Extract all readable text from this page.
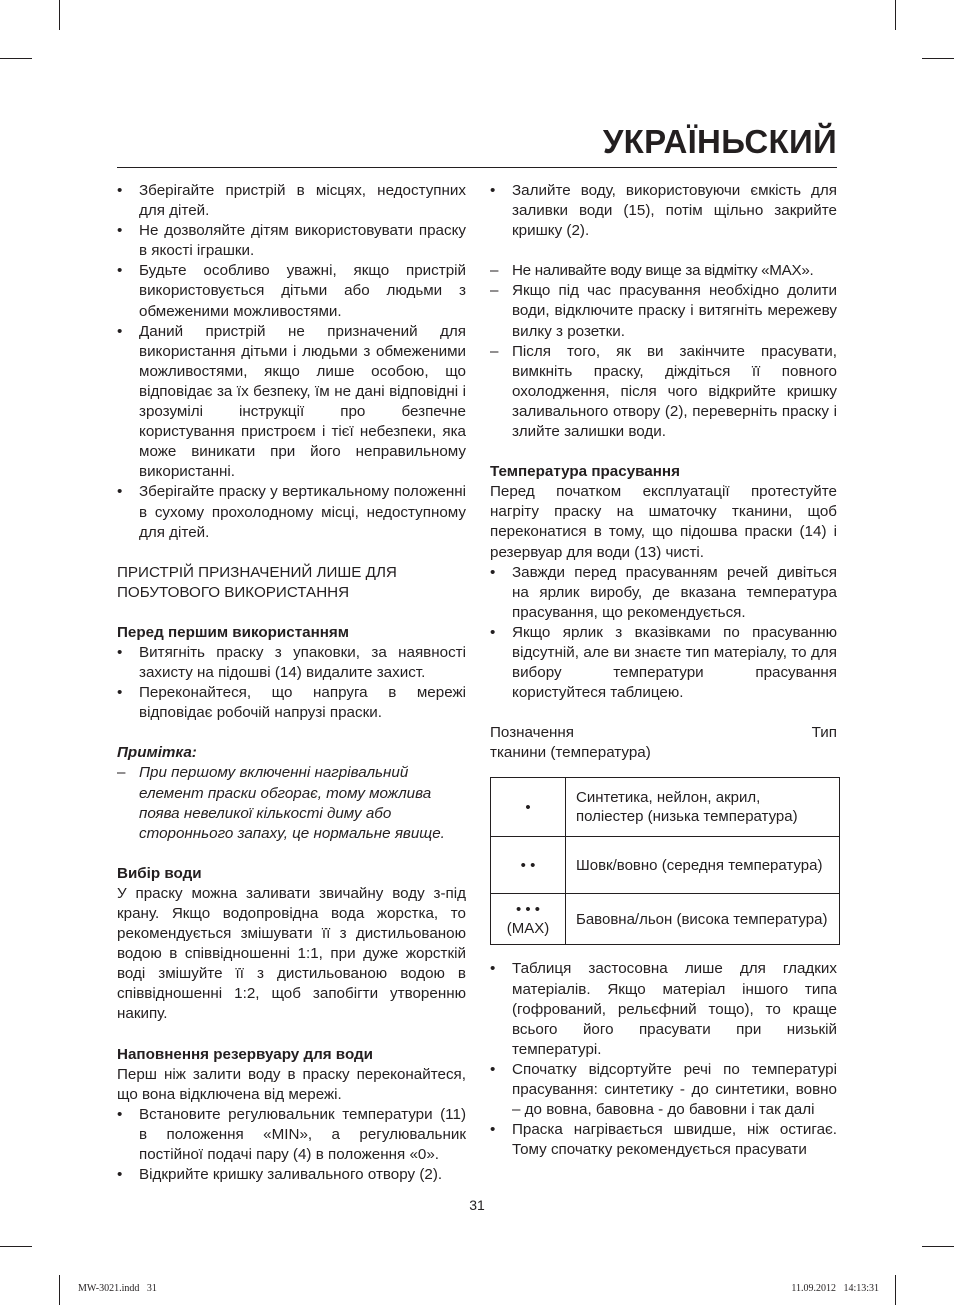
УКРАЇНЬСКИЙ
•	Зберігайте пристрій в місцях, недоступних для дітей.
•	Не дозволяйте дітям використовувати праску в якості іграшки.
•	Будьте особливо уважні, якщо пристрій використовується дітьми або людьми з обмеженими можливостями.
•	Даний пристрій не призначений для використання дітьми і людьми з обмеженими можливостями, якщо лише особою, що відповідає за їх безпеку, їм не дані відповідні і зрозумілі інструкції про безпечне користування пристроєм і тієї небезпеки, яка може виникати при його неправильному використанні.
•	Зберігайте праску у вертикальному положенні в сухому прохолодному місці, недоступному для дітей.

ПРИСТРІЙ ПРИЗНАЧЕНИЙ ЛИШЕ ДЛЯ
ПОБУТОВОГО ВИКОРИСТАННЯ

Перед першим використанням

•	Витягніть праску з упаковки, за наявності захисту на підошві (14) видалите захист.
•	Переконайтеся, що напруга в мережі відповідає робочій напрузі праски.

Примітка:

– При першому включенні нагрівальний елемент праски обгорає, тому можлива поява невеликої кількості диму або стороннього запаху, це нормальне явище.

Вибір води

У праску можна заливати звичайну воду з-під крану. Якщо водопровідна вода жорстка, то рекомендується змішувати її з дистильованою водою в співвідношенні 1:1, при дуже жорсткій воді змішуйте її з дистильованою водою в співвідношенні 1:2, щоб запобігти утворенню накипу.

Наповнення резервуару для води

Перш ніж залити воду в праску переконайтеся, що вона відключена від мережі.

•	Встановите регулювальник температури (11) в положення «MIN», а регулювальник постійної подачі пару (4) в положення «0».
•	Відкрийте кришку заливального отвору (2).
•	Залийте воду, використовуючи ємкість для заливки води (15), потім щільно закрийте кришку (2).
– Не наливайте воду вище за відмітку «MAX».
– Якщо під час прасування необхідно долити води, відключите праску і витягніть мережеву вилку з розетки.
– Після того, як ви закінчите прасувати, вимкніть праску, діждіться її повного охолодження, після чого відкрийте кришку заливального отвору (2), переверніть праску і злийте залишки води.

Температура прасування

Перед початком експлуатації протестуйте нагріту праску на шматочку тканини, щоб переконатися в тому, що підошва праски (14) і резервуар для води (13) чисті.

•	Завжди перед прасуванням речей дивіться на ярлик виробу, де вказана температура прасування, що рекомендується.
•	Якщо ярлик з вказівками по прасуванню відсутній, але ви знаєте тип матеріалу, то для вибору температури прасування користуйтеся таблицею.
Позначення	Тип

тканини (температура)

•	Синтетика, нейлон, акрил, поліестер (низька температура)
• •	Шовк/вовно (середня температура)
• • •
(MAX)	Бавовна/льон (висока температура)
•	Таблиця застосовна лише для гладких матеріалів. Якщо матеріал іншого типа (гофрований, рельєфний тощо), то краще всього його прасувати при низькій температурі.
•	Спочатку відсортуйте речі по температурі прасування: синтетику - до синтетики, вовно – до вовна, бавовна - до бавовни і так далі
•	Праска нагрівається швидше, ніж остигає. Тому спочатку рекомендується прасувати
31
MW-3021.indd   31	11.09.2012   14:13:31
